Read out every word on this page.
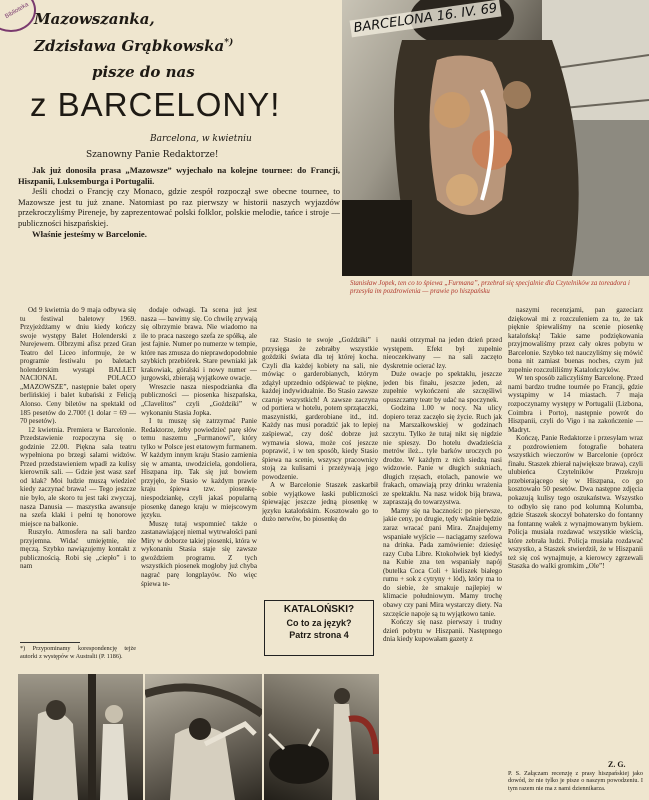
Biblioteka Mazowszanka,
Zdzisława Grąbkowska*)
pisze do nas
z BARCELONY!
Barcelona, w kwietniu
Szanowny Panie Redaktorze!
Jak już donosiła prasa „Mazowsze” wyjechało na kolejne tournee: do Francji, Hiszpanii, Luksemburga i Portugalii.
Jeśli chodzi o Francję czy Monaco, gdzie zespół rozpoczął swe obecne tournee, to Mazowsze jest tu już znane. Natomiast po raz pierwszy w historii naszych wyjazdów przekroczyliśmy Pireneje, by zaprezentować polski folklor, polskie melodie, tańce i stroje — publiczności hiszpańskiej.
Właśnie jesteśmy w Barcelonie.
BARCELONA 16. IV. 69
Stanisław Jopek, ten co to śpiewa „Furmana”, przebrał się specjalnie dla Czytelników za toreadora i przesyła im pozdrowienia — prawie po hiszpańsku

Od 9 kwietnia do 9 maja odbywa się tu festiwal baletowy 1969. Przyjeżdżamy w dniu kiedy kończy swoje występy Balet Holenderski z Nurejewem. Olbrzymi afisz przed Gran Teatro del Liceo informuje, że w programie festiwalu po baletach holenderskim wystąpi BALLET NACIONAL POLACO „MAZOWSZE”, następnie balet opery berlińskiej i balet kubański z Felicją Alonso. Ceny biletów na spektakl od 185 pesetów do 2.700! (1 dolar = 69 — 70 pesetów).

12 kwietnia. Premiera w Barcelonie. Przedstawienie rozpoczyna się o godzinie 22.00. Piękna sala teatru wypełniona po brzegi salami widzów. Przed przedstawieniem wpadł za kulisy kierownik sali. — Gdzie jest wasz szef od klak? Moi ludzie muszą wiedzieć kiedy zaczynać brawa! — Tego jeszcze nie było, ale skoro tu jest taki zwyczaj, nasza Danusia — maszystka awansuje na szefa klaki i pełni tę honorowe miejsce na balkonie.

Ruszyło. Atmosfera na sali bardzo przyjemna. Widać umiejętnie, nie męczą. Szybko nawiązujemy kontakt z publicznością. Robi się „ciepło” i to nam

*) Przypominamy korespondencję tejże autorki z występów w Australii (P. 1186).

dodaje odwagi. Ta scena już jest nasza — bawimy się. Co chwilę zrywają się olbrzymie brawa. Nie wiadomo na ile to praca naszego szefa ze spółką, ale jest fajnie. Numer po numerze w tempie, które nas zmusza do nieprawdopodobnie szybkich przebiórek. Stare pewniaki jak krakowiak, góralski i nowy numer — jurgowski, zbierają wyjątkowe owacje.

Wreszcie nasza niespodzianka dla publiczności — piosenka hiszpańska, „Clavelitos” czyli „Goździki” w wykonaniu Stasia Jopka.

I tu muszę się zatrzymać Panie Redaktorze, żeby powiedzieć parę słów temu naszemu „Furmanowi”, który tylko w Polsce jest etatowym furmanem. W każdym innym kraju Stasio zamienia się w amanta, uwodziciela, gondoliera, Hiszpana itp. Tak się już bowiem przyjęło, że Stasio w każdym prawie kraju śpiewa tzw. piosenkę-niespodziankę, czyli jakaś popularną piosenkę danego kraju w miejscowym języku.

Muszę tutaj wspomnieć także o zastanawiającej niemal wytrwałości pani Miry w doborze takiej piosenki, która w wykonaniu Stasia staje się zawsze gwoździem programu. Z tych wszystkich piosenek mogłoby już chyba nagrać parę longplayów. No więc śpiewa te-

raz Stasio te swoje „Goździki” i przysięga że zebrałby wszystkie goździki świata dla tej której kocha. Czyli dla każdej kobiety na sali, nie mówiąc o garderobianych, którym zdążył uprzednio odśpiewać te piękne, każdej indywidualnie. Bo Stasio zawsze czaruje wszystkich! A zawsze zaczyna od portiera w hotelu, potem sprzątaczki, maszynistki, garderobiane itd., itd. Każdy nas musi poradzić jak to lepiej zaśpiewać, czy dość dobrze już wymawia słowa, może coś jeszcze poprawić, i w ten sposób, kiedy Stasio śpiewa na scenie, wszyscy pracownicy stoją za kulisami i przeżywają jego powodzenie.

A w Barcelonie Staszek zaskarbił sobie wyjątkowe łaski publiczności śpiewając jeszcze jedną piosenkę w języku katalońskim. Kosztowało go to dużo nerwów, bo piosenkę do

KATALOŃSKI?
Co to za język?
Patrz strona 4

nauki otrzymał na jeden dzień przed występem. Efekt był zupełnie nieoczekiwany — na sali zaczęto dyskretnie ocierać łzy.

Duże owacje po spektaklu, jeszcze jeden bis finału, jeszcze jeden, aż zupełnie wykończeni ale szczęśliwi opuszczamy teatr by udać na spoczynek.

Godzina 1.00 w nocy. Na ulicy dopiero teraz zaczęło się życie. Ruch jak na Marszałkowskiej w godzinach szczytu. Tylko że tutaj nikt się nigdzie nie spieszy. Do hotelu dwadzieścia metrów ileż... tyle barków uroczych po drodze. W każdym z nich siedzą nasi widzowie. Panie w długich sukniach, długich rzęsach, etolach, panowie we frakach, omawiają przy drinku wrażenia ze spektaklu. Na nasz widok biją brawa, zapraszają do towarzystwa.

Mamy się na baczności: po pierwsze, jakie ceny, po drugie, tędy właśnie będzie zaraz wracać pani Mira. Znajdujemy wspaniałe wyjście — naciągamy szefowa na drinka. Pada zamówienie: dziesięć razy Cuba Libre. Ktokolwiek był kiedyś na Kubie zna ten wspaniały napój (butelka Coca Coli + kieliszek białego rumu + sok z cytryny + lód), który ma to do siebie, że smakuje najlepiej w klimacie południowym. Mamy trochę obawy czy pani Mira wystarczy diety. Na szczęście napoje są tu wyjątkowo tanie.

Kończy się nasz pierwszy i trudny dzień pobytu w Hiszpanii. Następnego dnia kiedy kupowałam gazety z

naszymi recenzjami, pan gazeciarz dziękował mi z rozczuleniem za to, że tak pięknie śpiewaliśmy na scenie piosenkę katalońską! Takie same podziękowania przyjmowaliśmy przez cały okres pobytu w Barcelonie. Szybko też nauczyliśmy się mówić bona nit zamiast buenas noches, czym już zupełnie rozczuliliśmy Katalończyków.

W ten sposób zaliczyliśmy Barcelonę. Przed nami bardzo trudne tournée po Francji, gdzie wystąpimy w 14 miastach. 7 maja rozpoczynamy występy w Portugalii (Lizbona, Coimbra i Porto), następnie powrót do Hiszpanii, czyli do Vigo i na zakończenie — Madryt.

Kończę, Panie Redaktorze i przesyłam wraz z pozdrowieniem fotografie bohatera wszystkich wieczorów w Barcelonie (oprócz finału. Staszek zbierał największe brawa), czyli ulubieńca Czytelników Przekroju przebierającego się w Hiszpana, co go kosztowało 50 pesetów. Dwa następne zdjęcia pokazują kulisy tego oszukaństwa. Wszystko to odbyło się rano pod kolumną Kolumba, gdzie Staszek skoczył bohatersko do fontanny na fontannę wałek z wynajmowanym bykiem. Policja musiała rozdawać wszystkie wieścią, które zebrała ludzi. Policja musiała rozdawać wszystko, a Staszek stwierdził, że w Hiszpanii też się coś wynajmuje, a kierowcy zgrzewali Staszka do walki gromkim „Ole”!

Z. G.
P. S. Załączam recenzję z prasy hiszpańskiej jako dowód, że nie tylko je pisze o naszym powodzeniu. I tym razem nie ma z nami dziennikarza.
